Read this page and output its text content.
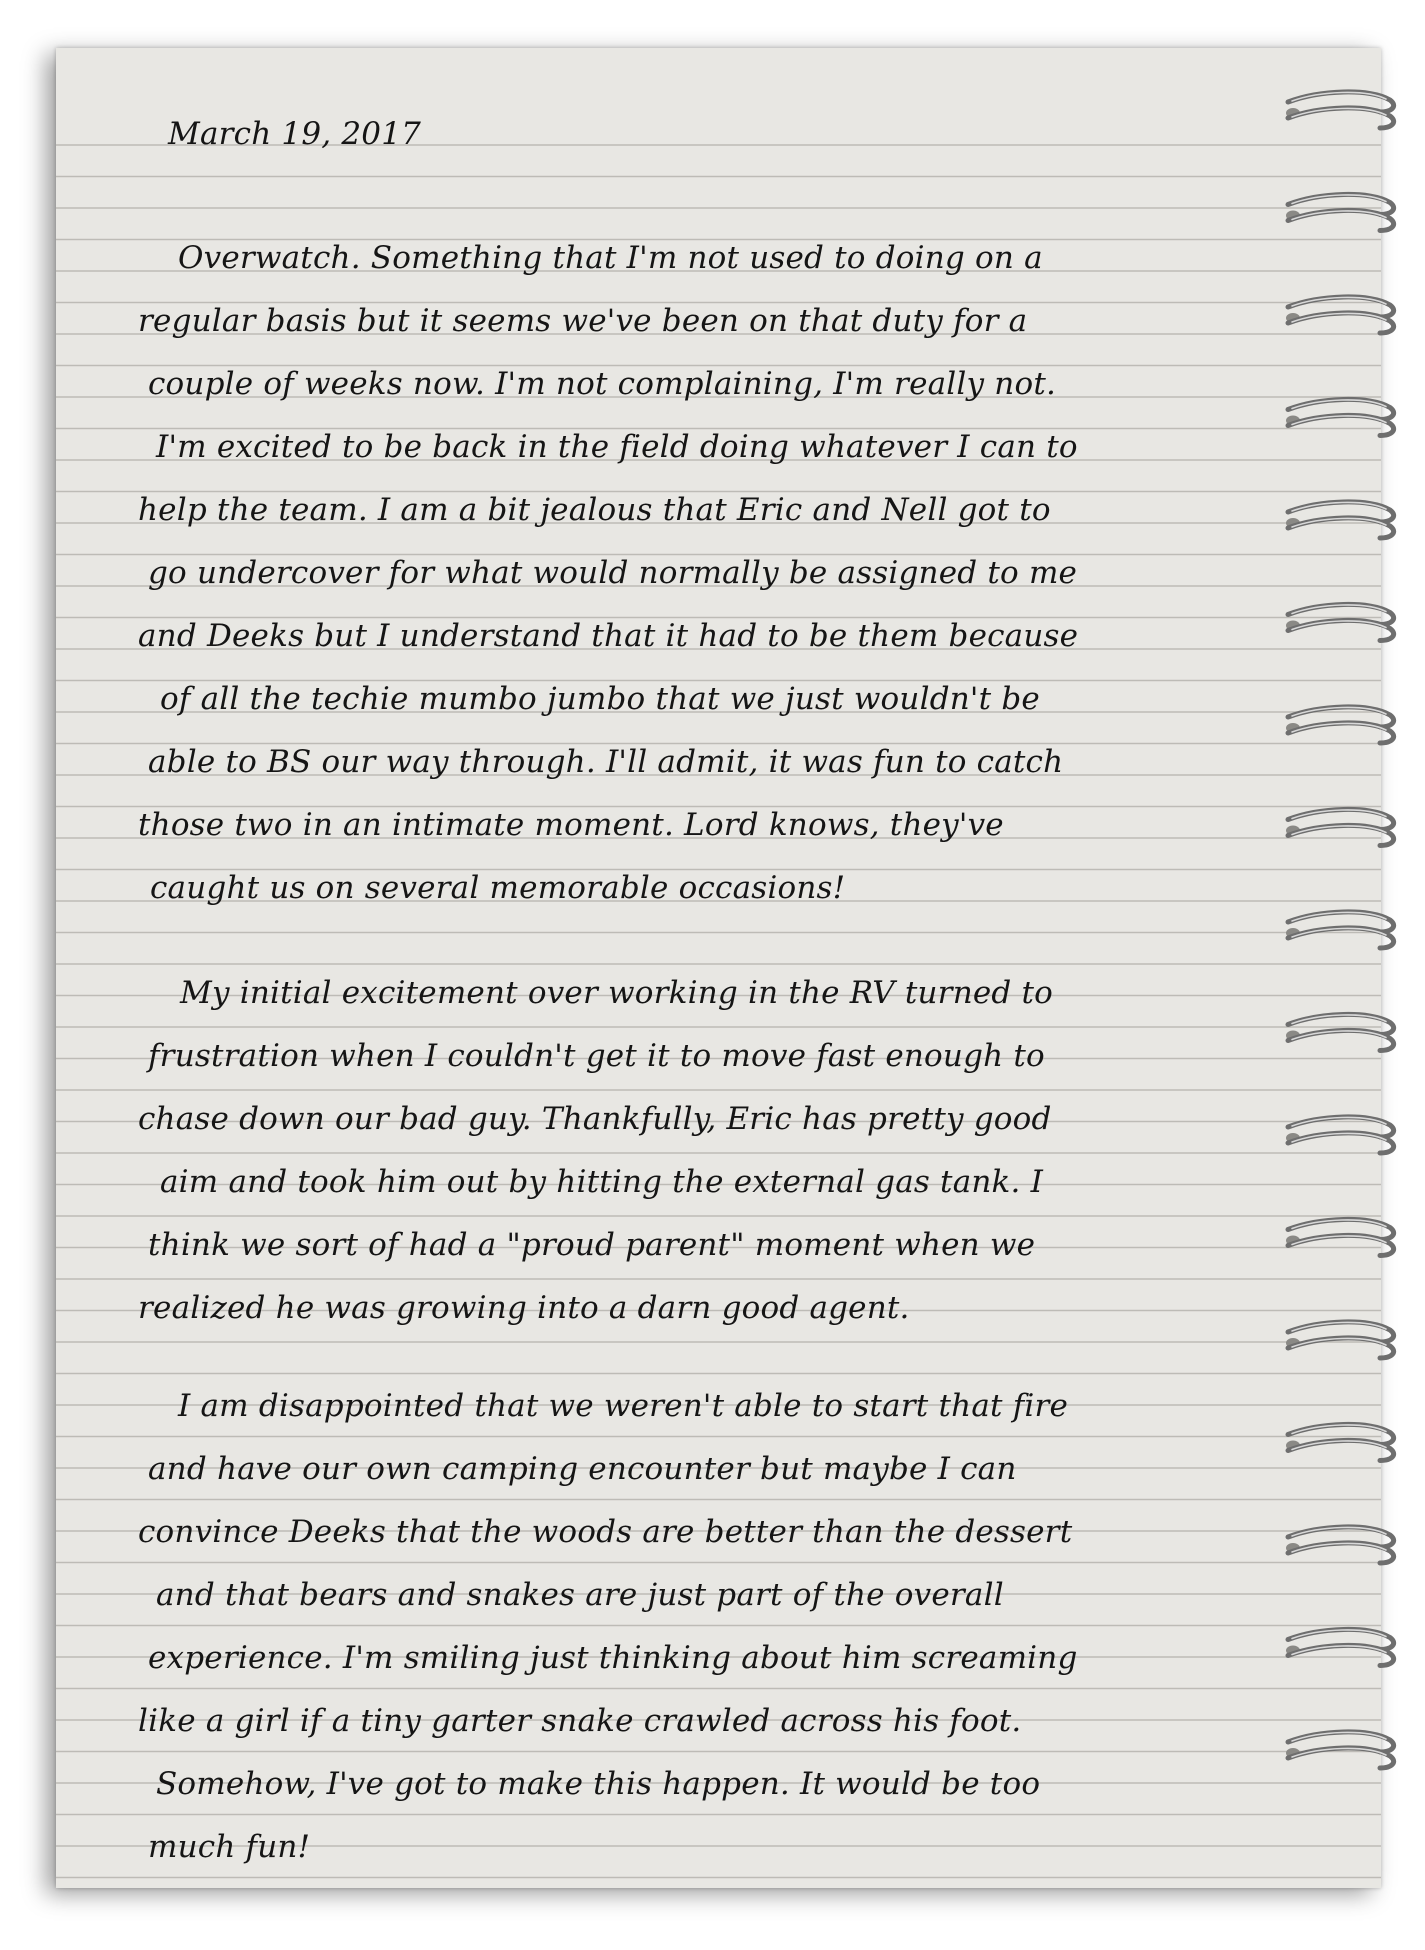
March 19, 2017
Overwatch. Something that I'm not used to doing on a
regular basis but it seems we've been on that duty for a
couple of weeks now. I'm not complaining, I'm really not.
I'm excited to be back in the field doing whatever I can to
help the team. I am a bit jealous that Eric and Nell got to
go undercover for what would normally be assigned to me
and Deeks but I understand that it had to be them because
of all the techie mumbo jumbo that we just wouldn't be
able to BS our way through. I'll admit, it was fun to catch
those two in an intimate moment. Lord knows, they've
caught us on several memorable occasions!
My initial excitement over working in the RV turned to
frustration when I couldn't get it to move fast enough to
chase down our bad guy. Thankfully, Eric has pretty good
aim and took him out by hitting the external gas tank. I
think we sort of had a "proud parent" moment when we
realized he was growing into a darn good agent.
I am disappointed that we weren't able to start that fire
and have our own camping encounter but maybe I can
convince Deeks that the woods are better than the dessert
and that bears and snakes are just part of the overall
experience. I'm smiling just thinking about him screaming
like a girl if a tiny garter snake crawled across his foot.
Somehow, I've got to make this happen. It would be too
much fun!
